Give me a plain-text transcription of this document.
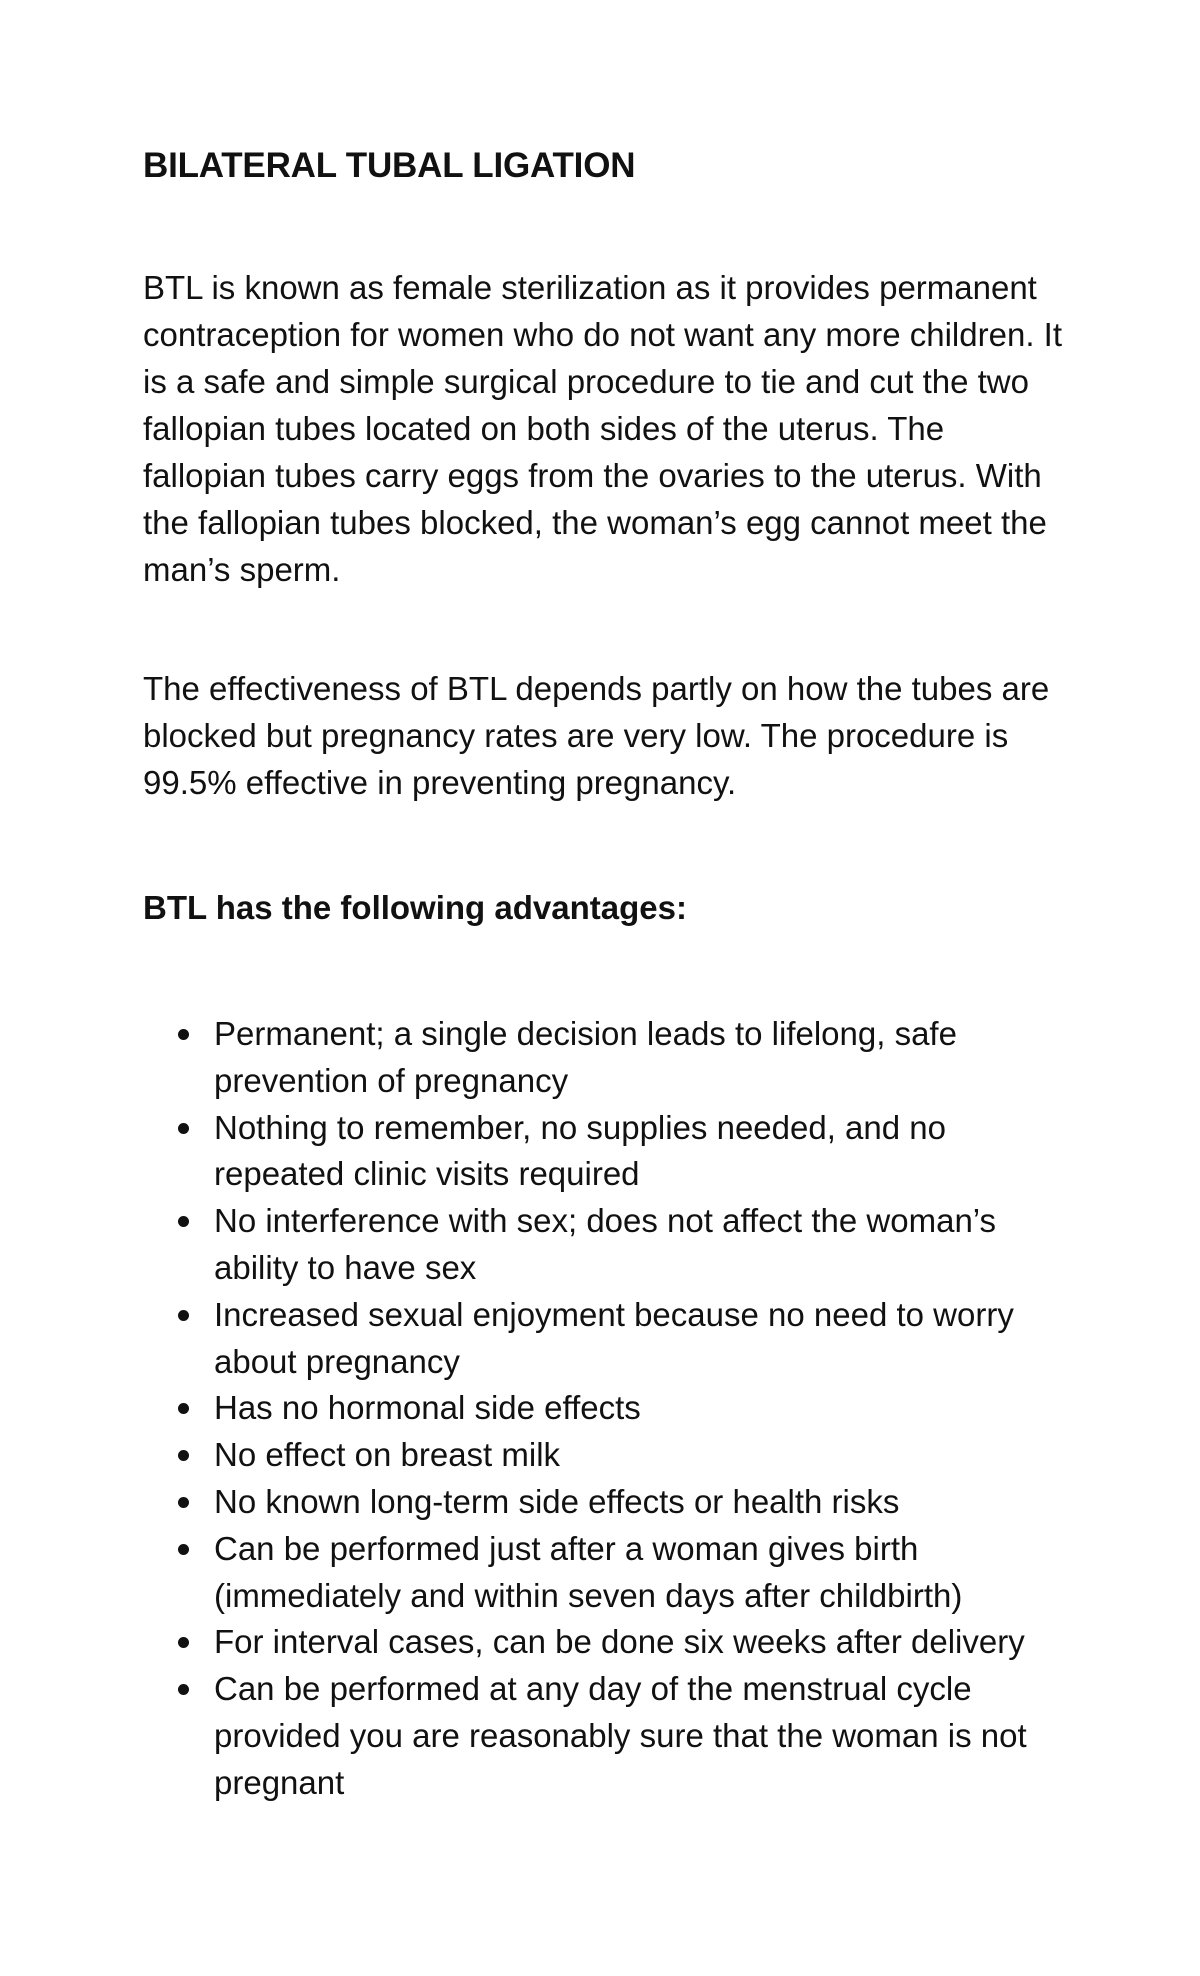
BILATERAL TUBAL LIGATION

BTL is known as female sterilization as it provides permanent contraception for women who do not want any more children. It is a safe and simple surgical procedure to tie and cut the two fallopian tubes located on both sides of the uterus. The fallopian tubes carry eggs from the ovaries to the uterus. With the fallopian tubes blocked, the woman’s egg cannot meet the man’s sperm.

The effectiveness of BTL depends partly on how the tubes are blocked but pregnancy rates are very low. The procedure is 99.5% effective in preventing pregnancy.

BTL has the following advantages:
Permanent; a single decision leads to lifelong, safe prevention of pregnancy
Nothing to remember, no supplies needed, and no repeated clinic visits required
No interference with sex; does not affect the woman’s ability to have sex
Increased sexual enjoyment because no need to worry about pregnancy
Has no hormonal side effects
No effect on breast milk
No known long-term side effects or health risks
Can be performed just after a woman gives birth (immediately and within seven days after childbirth)
For interval cases, can be done six weeks after delivery
Can be performed at any day of the menstrual cycle provided you are reasonably sure that the woman is not pregnant
